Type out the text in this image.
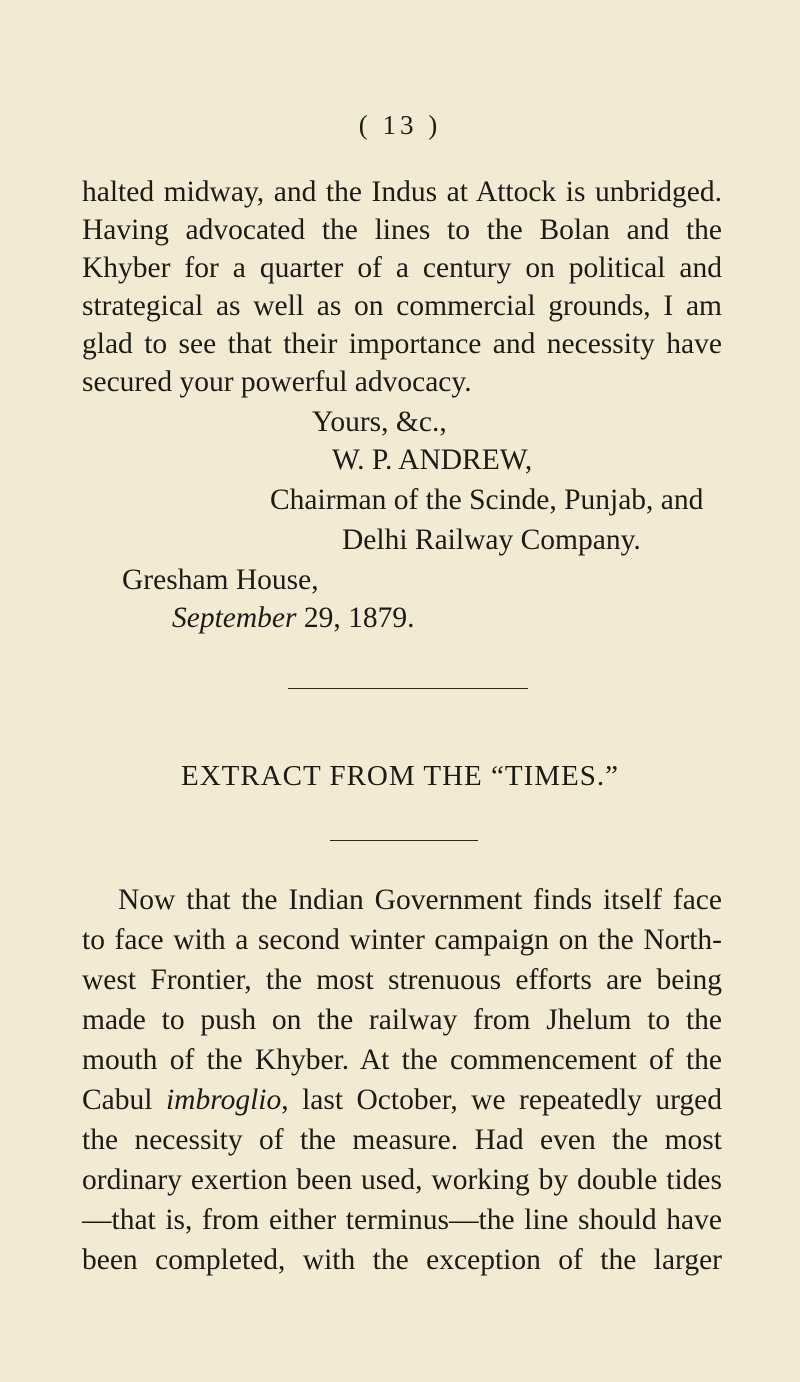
( 13 )
halted midway, and the Indus at Attock is unbridged.
Having advocated the lines to the Bolan and the
Khyber for a quarter of a century on political and
strategical as well as on commercial grounds, I am
glad to see that their importance and necessity have
secured your powerful advocacy.
Yours, &c.,
W. P. ANDREW,
Chairman of the Scinde, Punjab, and
Delhi Railway Company.
Gresham House,
September 29, 1879.
EXTRACT FROM THE “TIMES.”
Now that the Indian Government finds itself face
to face with a second winter campaign on the North-
west Frontier, the most strenuous efforts are being
made to push on the railway from Jhelum to the
mouth of the Khyber. At the commencement of the
Cabul imbroglio, last October, we repeatedly urged
the necessity of the measure. Had even the most
ordinary exertion been used, working by double tides
—that is, from either terminus—the line should have
been completed, with the exception of the larger
